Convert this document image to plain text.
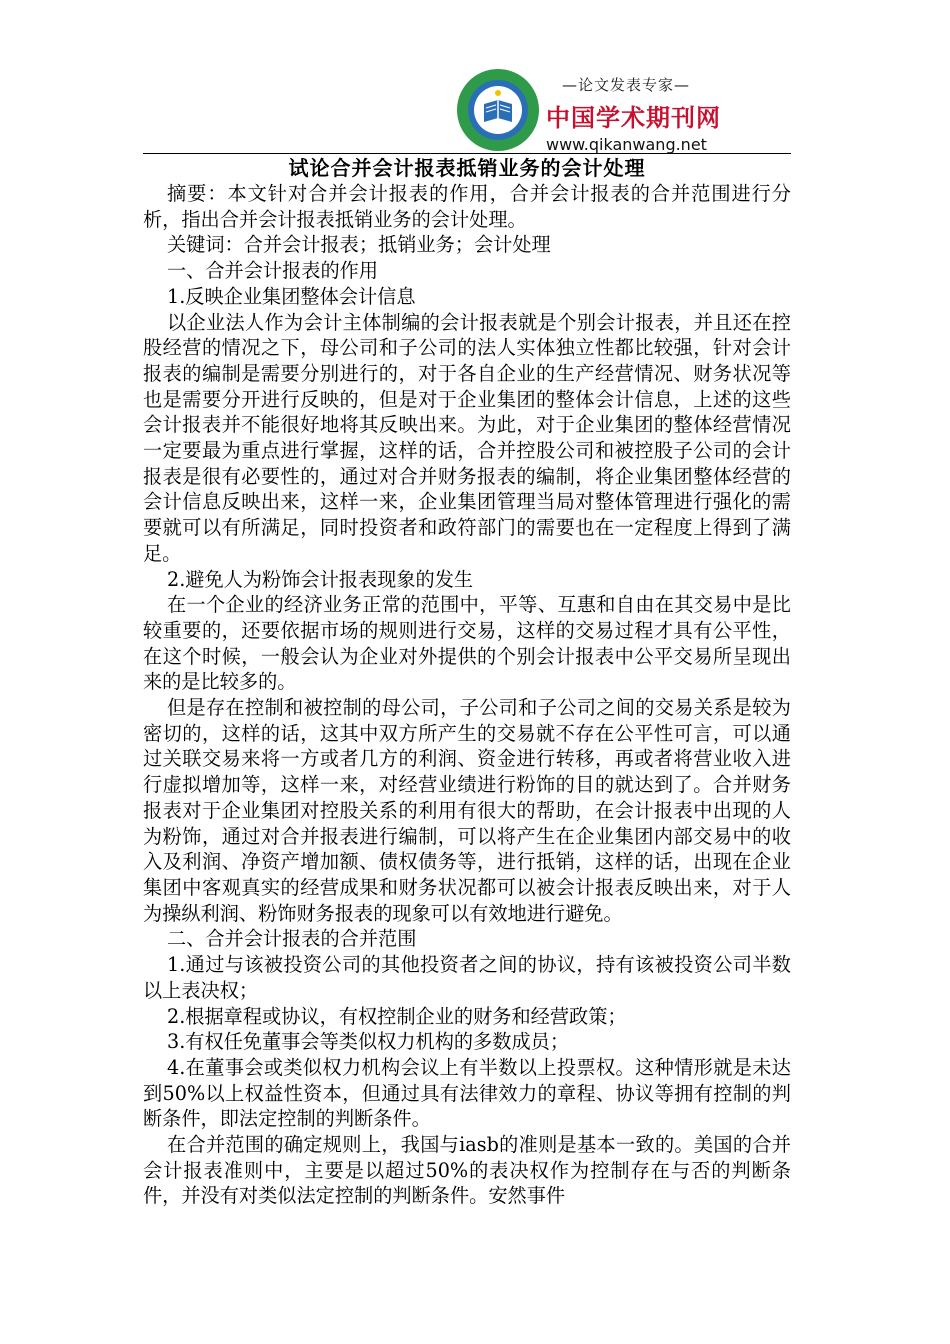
—论文发表专家—
中国学术期刊网
www.qikanwang.net
试论合并会计报表抵销业务的会计处理

摘要：本文针对合并会计报表的作用，合并会计报表的合并范围进行分析，指出合并会计报表抵销业务的会计处理。

关键词：合并会计报表；抵销业务；会计处理

一、合并会计报表的作用

1.反映企业集团整体会计信息

以企业法人作为会计主体制编的会计报表就是个别会计报表，并且还在控股经营的情况之下，母公司和子公司的法人实体独立性都比较强，针对会计报表的编制是需要分别进行的，对于各自企业的生产经营情况、财务状况等也是需要分开进行反映的，但是对于企业集团的整体会计信息，上述的这些会计报表并不能很好地将其反映出来。为此，对于企业集团的整体经营情况一定要最为重点进行掌握，这样的话，合并控股公司和被控股子公司的会计报表是很有必要性的，通过对合并财务报表的编制，将企业集团整体经营的会计信息反映出来，这样一来，企业集团管理当局对整体管理进行强化的需要就可以有所满足，同时投资者和政符部门的需要也在一定程度上得到了满足。

2.避免人为粉饰会计报表现象的发生

在一个企业的经济业务正常的范围中，平等、互惠和自由在其交易中是比较重要的，还要依据市场的规则进行交易，这样的交易过程才具有公平性，在这个时候，一般会认为企业对外提供的个别会计报表中公平交易所呈现出来的是比较多的。

但是存在控制和被控制的母公司，子公司和子公司之间的交易关系是较为密切的，这样的话，这其中双方所产生的交易就不存在公平性可言，可以通过关联交易来将一方或者几方的利润、资金进行转移，再或者将营业收入进行虚拟增加等，这样一来，对经营业绩进行粉饰的目的就达到了。合并财务报表对于企业集团对控股关系的利用有很大的帮助，在会计报表中出现的人为粉饰，通过对合并报表进行编制，可以将产生在企业集团内部交易中的收入及利润、净资产增加额、债权债务等，进行抵销，这样的话，出现在企业集团中客观真实的经营成果和财务状况都可以被会计报表反映出来，对于人为操纵利润、粉饰财务报表的现象可以有效地进行避免。

二、合并会计报表的合并范围

1.通过与该被投资公司的其他投资者之间的协议，持有该被投资公司半数以上表决权；

2.根据章程或协议，有权控制企业的财务和经营政策；

3.有权任免董事会等类似权力机构的多数成员；

4.在董事会或类似权力机构会议上有半数以上投票权。这种情形就是未达到50%以上权益性资本，但通过具有法律效力的章程、协议等拥有控制的判断条件，即法定控制的判断条件。

在合并范围的确定规则上，我国与iasb的准则是基本一致的。美国的合并会计报表准则中，主要是以超过50%的表决权作为控制存在与否的判断条件，并没有对类似法定控制的判断条件。安然事件
